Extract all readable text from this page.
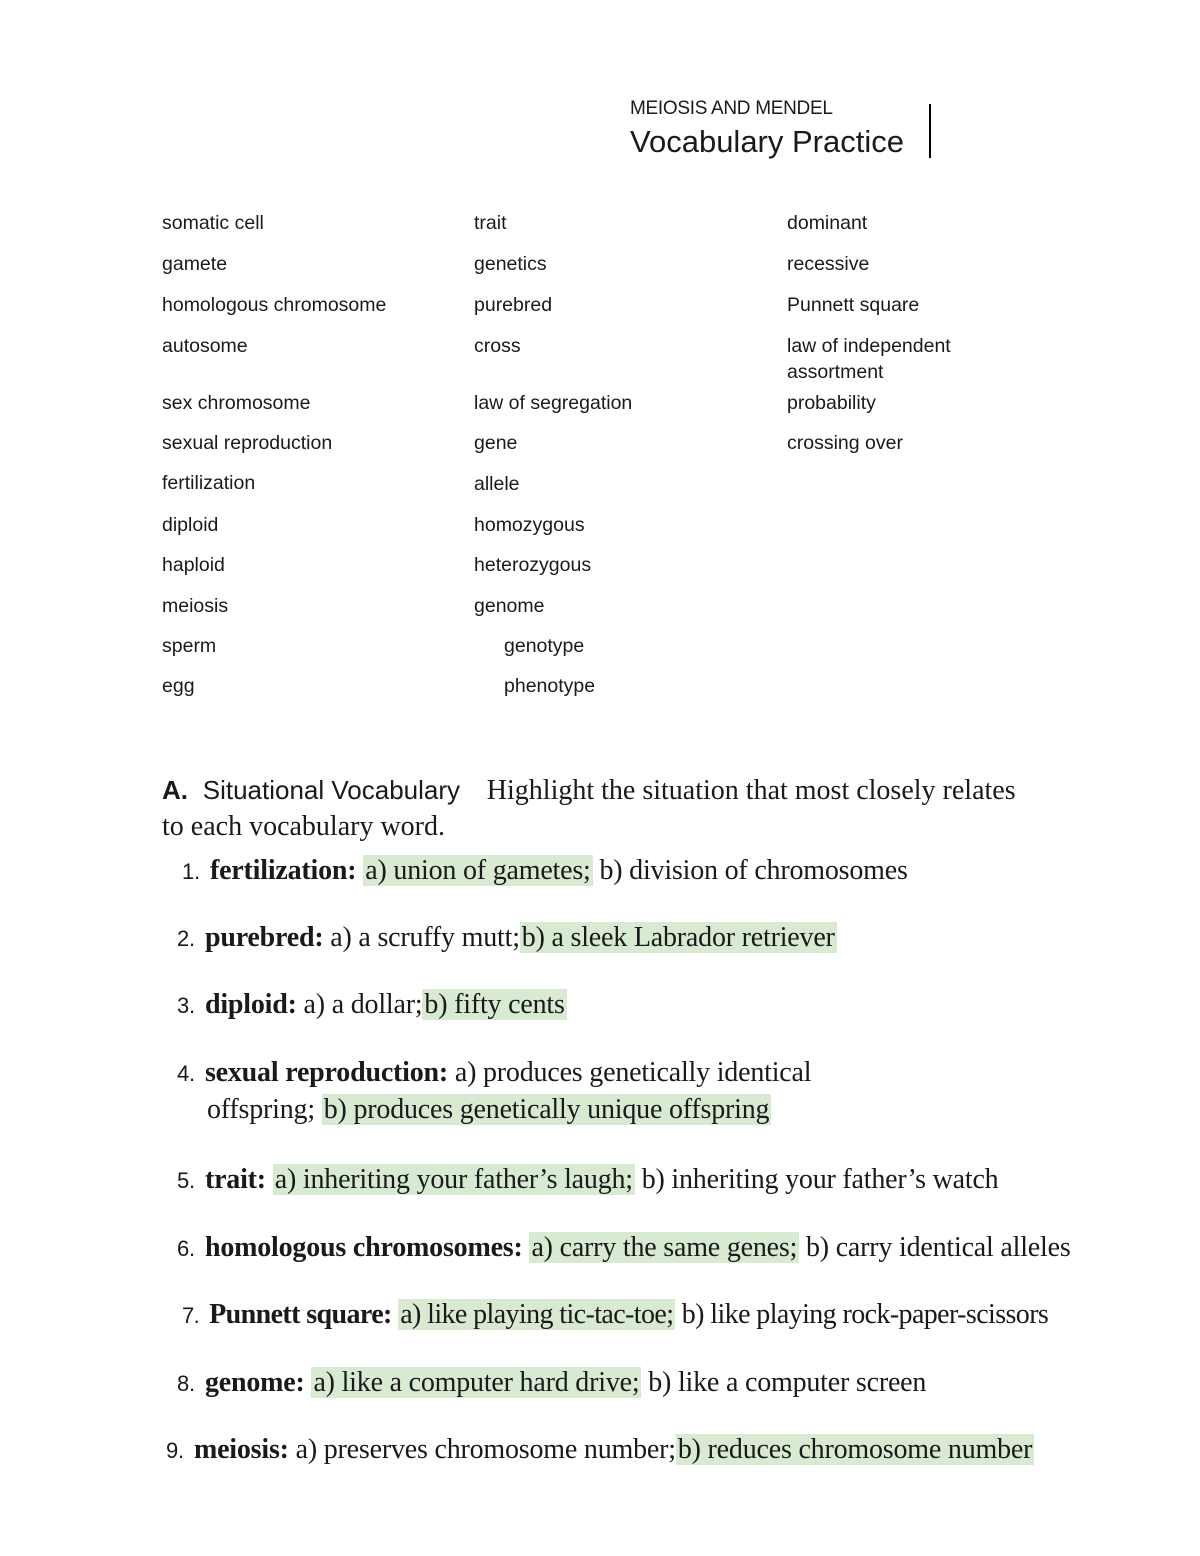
MEIOSIS AND MENDEL
Vocabulary Practice
somatic cell
gamete
homologous chromosome
autosome
sex chromosome
sexual reproduction
fertilization
diploid
haploid
meiosis
sperm
egg
trait
genetics
purebred
cross
law of segregation
gene
allele
homozygous
heterozygous
genome
genotype
phenotype
dominant
recessive
Punnett square
law of independent
assortment
probability
crossing over
A. Situational Vocabulary Highlight the situation that most closely relates
to each vocabulary word.
1. fertilization: a) union of gametes; b) division of chromosomes
2. purebred: a) a scruffy mutt;b) a sleek Labrador retriever
3. diploid: a) a dollar;b) fifty cents
4. sexual reproduction: a) produces genetically identical
offspring; b) produces genetically unique offspring
5. trait: a) inheriting your father’s laugh; b) inheriting your father’s watch
6. homologous chromosomes: a) carry the same genes; b) carry identical alleles
7. Punnett square: a) like playing tic-tac-toe; b) like playing rock-paper-scissors
8. genome: a) like a computer hard drive; b) like a computer screen
9. meiosis: a) preserves chromosome number;b) reduces chromosome number
